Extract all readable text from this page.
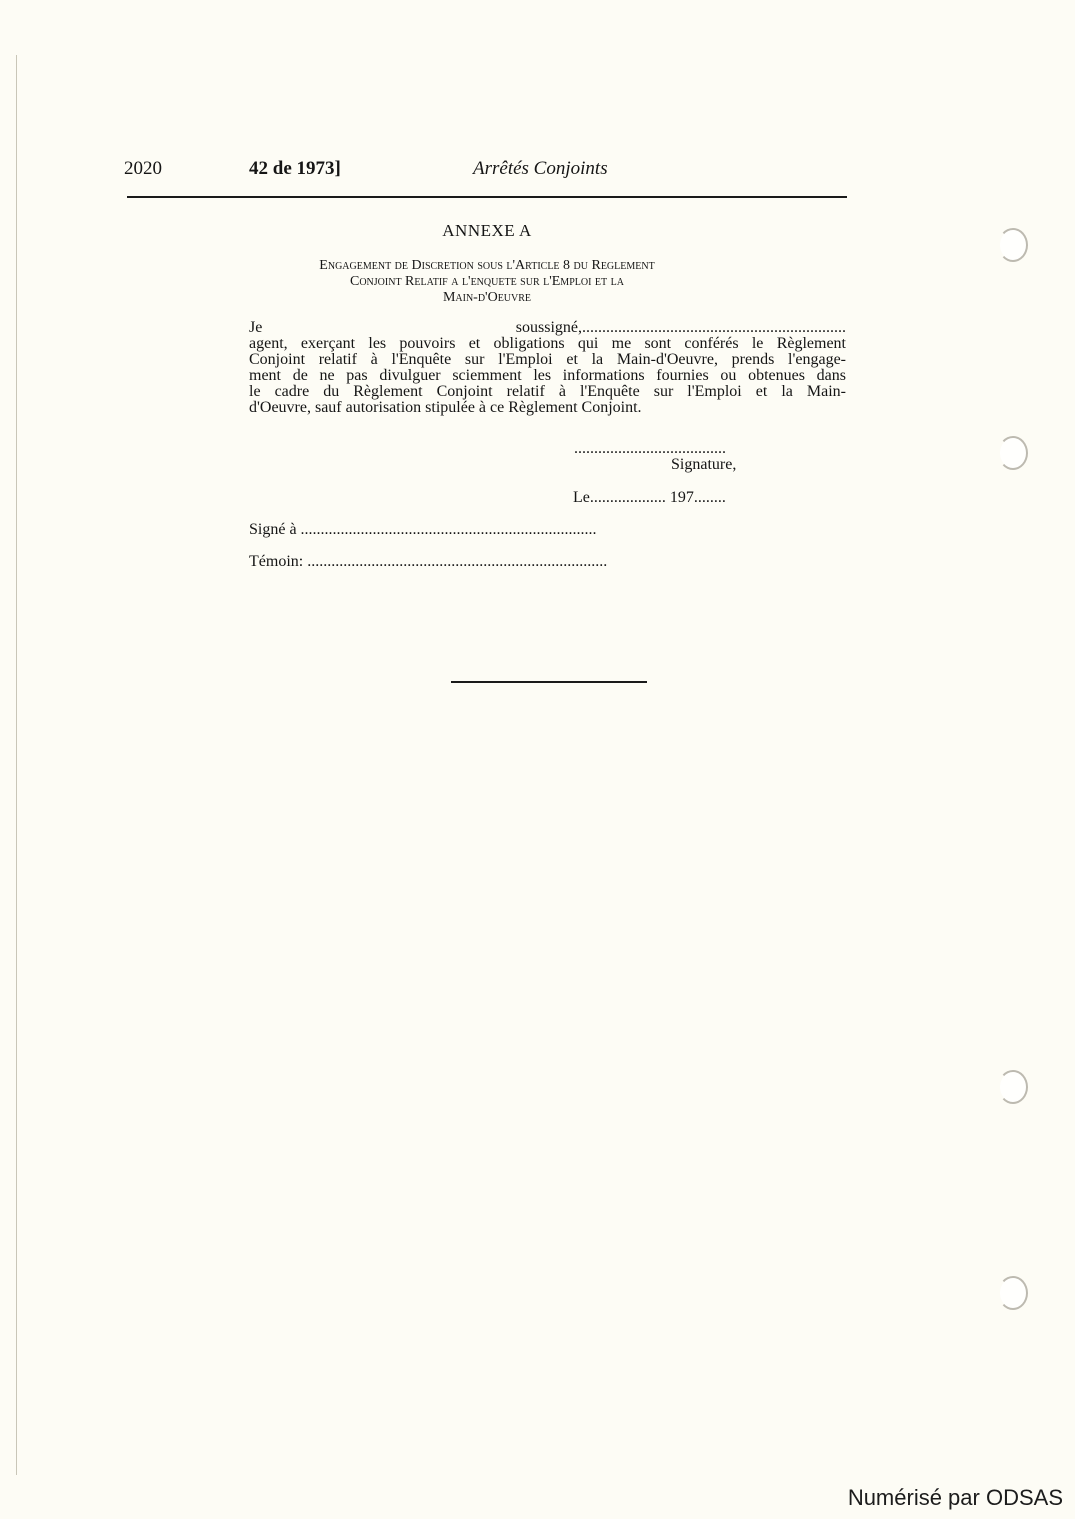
2020	42 de 1973]	Arrêtés Conjoints
ANNEXE A
Engagement de Discretion sous l'Article 8 du Reglement
Conjoint Relatif a l'enquete sur l'Emploi et la
Main-d'Oeuvre
Je soussigné,..................................................................
agent, exerçant les pouvoirs et obligations qui me sont conférés le Règlement
Conjoint relatif à l'Enquête sur l'Emploi et la Main-d'Oeuvre, prends l'engage-
ment de ne pas divulguer sciemment les informations fournies ou obtenues dans
le cadre du Règlement Conjoint relatif à l'Enquête sur l'Emploi et la Main-
d'Oeuvre, sauf autorisation stipulée à ce Règlement Conjoint.
......................................
Signature,
Le................... 197........
Signé à ..........................................................................
Témoin: ...........................................................................
Numérisé par ODSAS
